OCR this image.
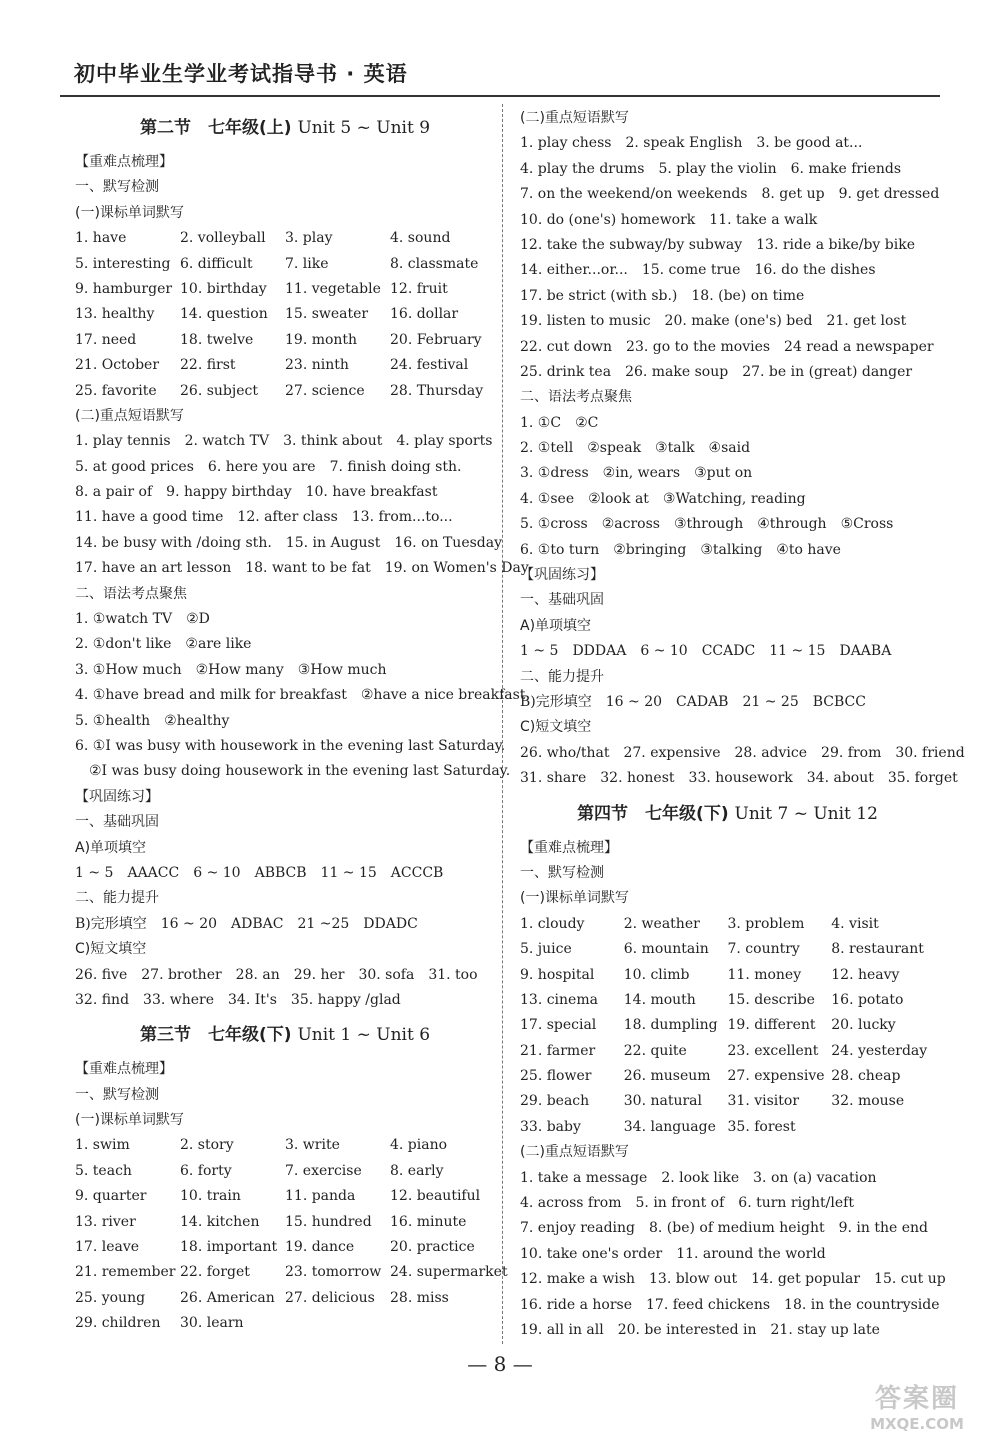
初中毕业生学业考试指导书 · 英语
第二节　七年级(上) Unit 5 ~ Unit 9
【重难点梳理】
一、默写检测
(一)课标单词默写
1. have	2. volleyball	3. play	4. sound
5. interesting 6. difficult	7. like	8. classmate
9. hamburger 10. birthday	11. vegetable 12. fruit
13. healthy	14. question	15. sweater	16. dollar
17. need	18. twelve	19. month	20. February
21. October	22. first	23. ninth	24. festival
25. favorite	26. subject	27. science	28. Thursday
(二)重点短语默写
1. play tennis 2. watch TV 3. think about 4. play sports
5. at good prices 6. here you are 7. finish doing sth.
8. a pair of 9. happy birthday 10. have breakfast
11. have a good time 12. after class 13. from...to...
14. be busy with /doing sth. 15. in August 16. on Tuesday
17. have an art lesson 18. want to be fat 19. on Women's Day
二、语法考点聚焦
1. ①watch TV ②D
2. ①don't like ②are like
3. ①How much ②How many ③How much
4. ①have bread and milk for breakfast ②have a nice breakfast
5. ①health ②healthy
6. ①I was busy with housework in the evening last Saturday.
②I was busy doing housework in the evening last Saturday.
【巩固练习】
一、基础巩固
A)单项填空
1 ~ 5 AAACC 6 ~ 10 ABBCB 11 ~ 15 ACCCB
二、能力提升
B)完形填空 16 ~ 20 ADBAC 21 ~25 DDADC
C)短文填空
26. five 27. brother 28. an 29. her 30. sofa 31. too
32. find 33. where 34. It's 35. happy /glad
第三节　七年级(下) Unit 1 ~ Unit 6
【重难点梳理】
一、默写检测
(一)课标单词默写
1. swim	2. story	3. write	4. piano
5. teach	6. forty	7. exercise	8. early
9. quarter	10. train	11. panda	12. beautiful
13. river	14. kitchen	15. hundred	16. minute
17. leave	18. important 19. dance	20. practice
21. remember 22. forget	23. tomorrow 24. supermarket
25. young	26. American 27. delicious	28. miss
29. children	30. learn
(二)重点短语默写
1. play chess 2. speak English 3. be good at...
4. play the drums 5. play the violin 6. make friends
7. on the weekend/on weekends 8. get up 9. get dressed
10. do (one's) homework 11. take a walk
12. take the subway/by subway 13. ride a bike/by bike
14. either...or... 15. come true 16. do the dishes
17. be strict (with sb.) 18. (be) on time
19. listen to music 20. make (one's) bed 21. get lost
22. cut down 23. go to the movies 24 read a newspaper
25. drink tea 26. make soup 27. be in (great) danger
二、语法考点聚焦
1. ①C ②C
2. ①tell ②speak ③talk ④said
3. ①dress ②in, wears ③put on
4. ①see ②look at ③Watching, reading
5. ①cross ②across ③through ④through ⑤Cross
6. ①to turn ②bringing ③talking ④to have
【巩固练习】
一、基础巩固
A)单项填空
1 ~ 5 DDDAA 6 ~ 10 CCADC 11 ~ 15 DAABA
二、能力提升
B)完形填空 16 ~ 20 CADAB 21 ~ 25 BCBCC
C)短文填空
26. who/that 27. expensive 28. advice 29. from 30. friend
31. share 32. honest 33. housework 34. about 35. forget
第四节　七年级(下) Unit 7 ~ Unit 12
【重难点梳理】
一、默写检测
(一)课标单词默写
1. cloudy	2. weather	3. problem	4. visit
5. juice	6. mountain	7. country	8. restaurant
9. hospital	10. climb	11. money	12. heavy
13. cinema	14. mouth	15. describe	16. potato
17. special	18. dumpling 19. different	20. lucky
21. farmer	22. quite	23. excellent 24. yesterday
25. flower	26. museum	27. expensive 28. cheap
29. beach	30. natural	31. visitor	32. mouse
33. baby	34. language 35. forest
(二)重点短语默写
1. take a message 2. look like 3. on (a) vacation
4. across from 5. in front of 6. turn right/left
7. enjoy reading 8. (be) of medium height 9. in the end
10. take one's order 11. around the world
12. make a wish 13. blow out 14. get popular 15. cut up
16. ride a horse 17. feed chickens 18. in the countryside
19. all in all 20. be interested in 21. stay up late
— 8 —
答案圈
MXQE.COM
